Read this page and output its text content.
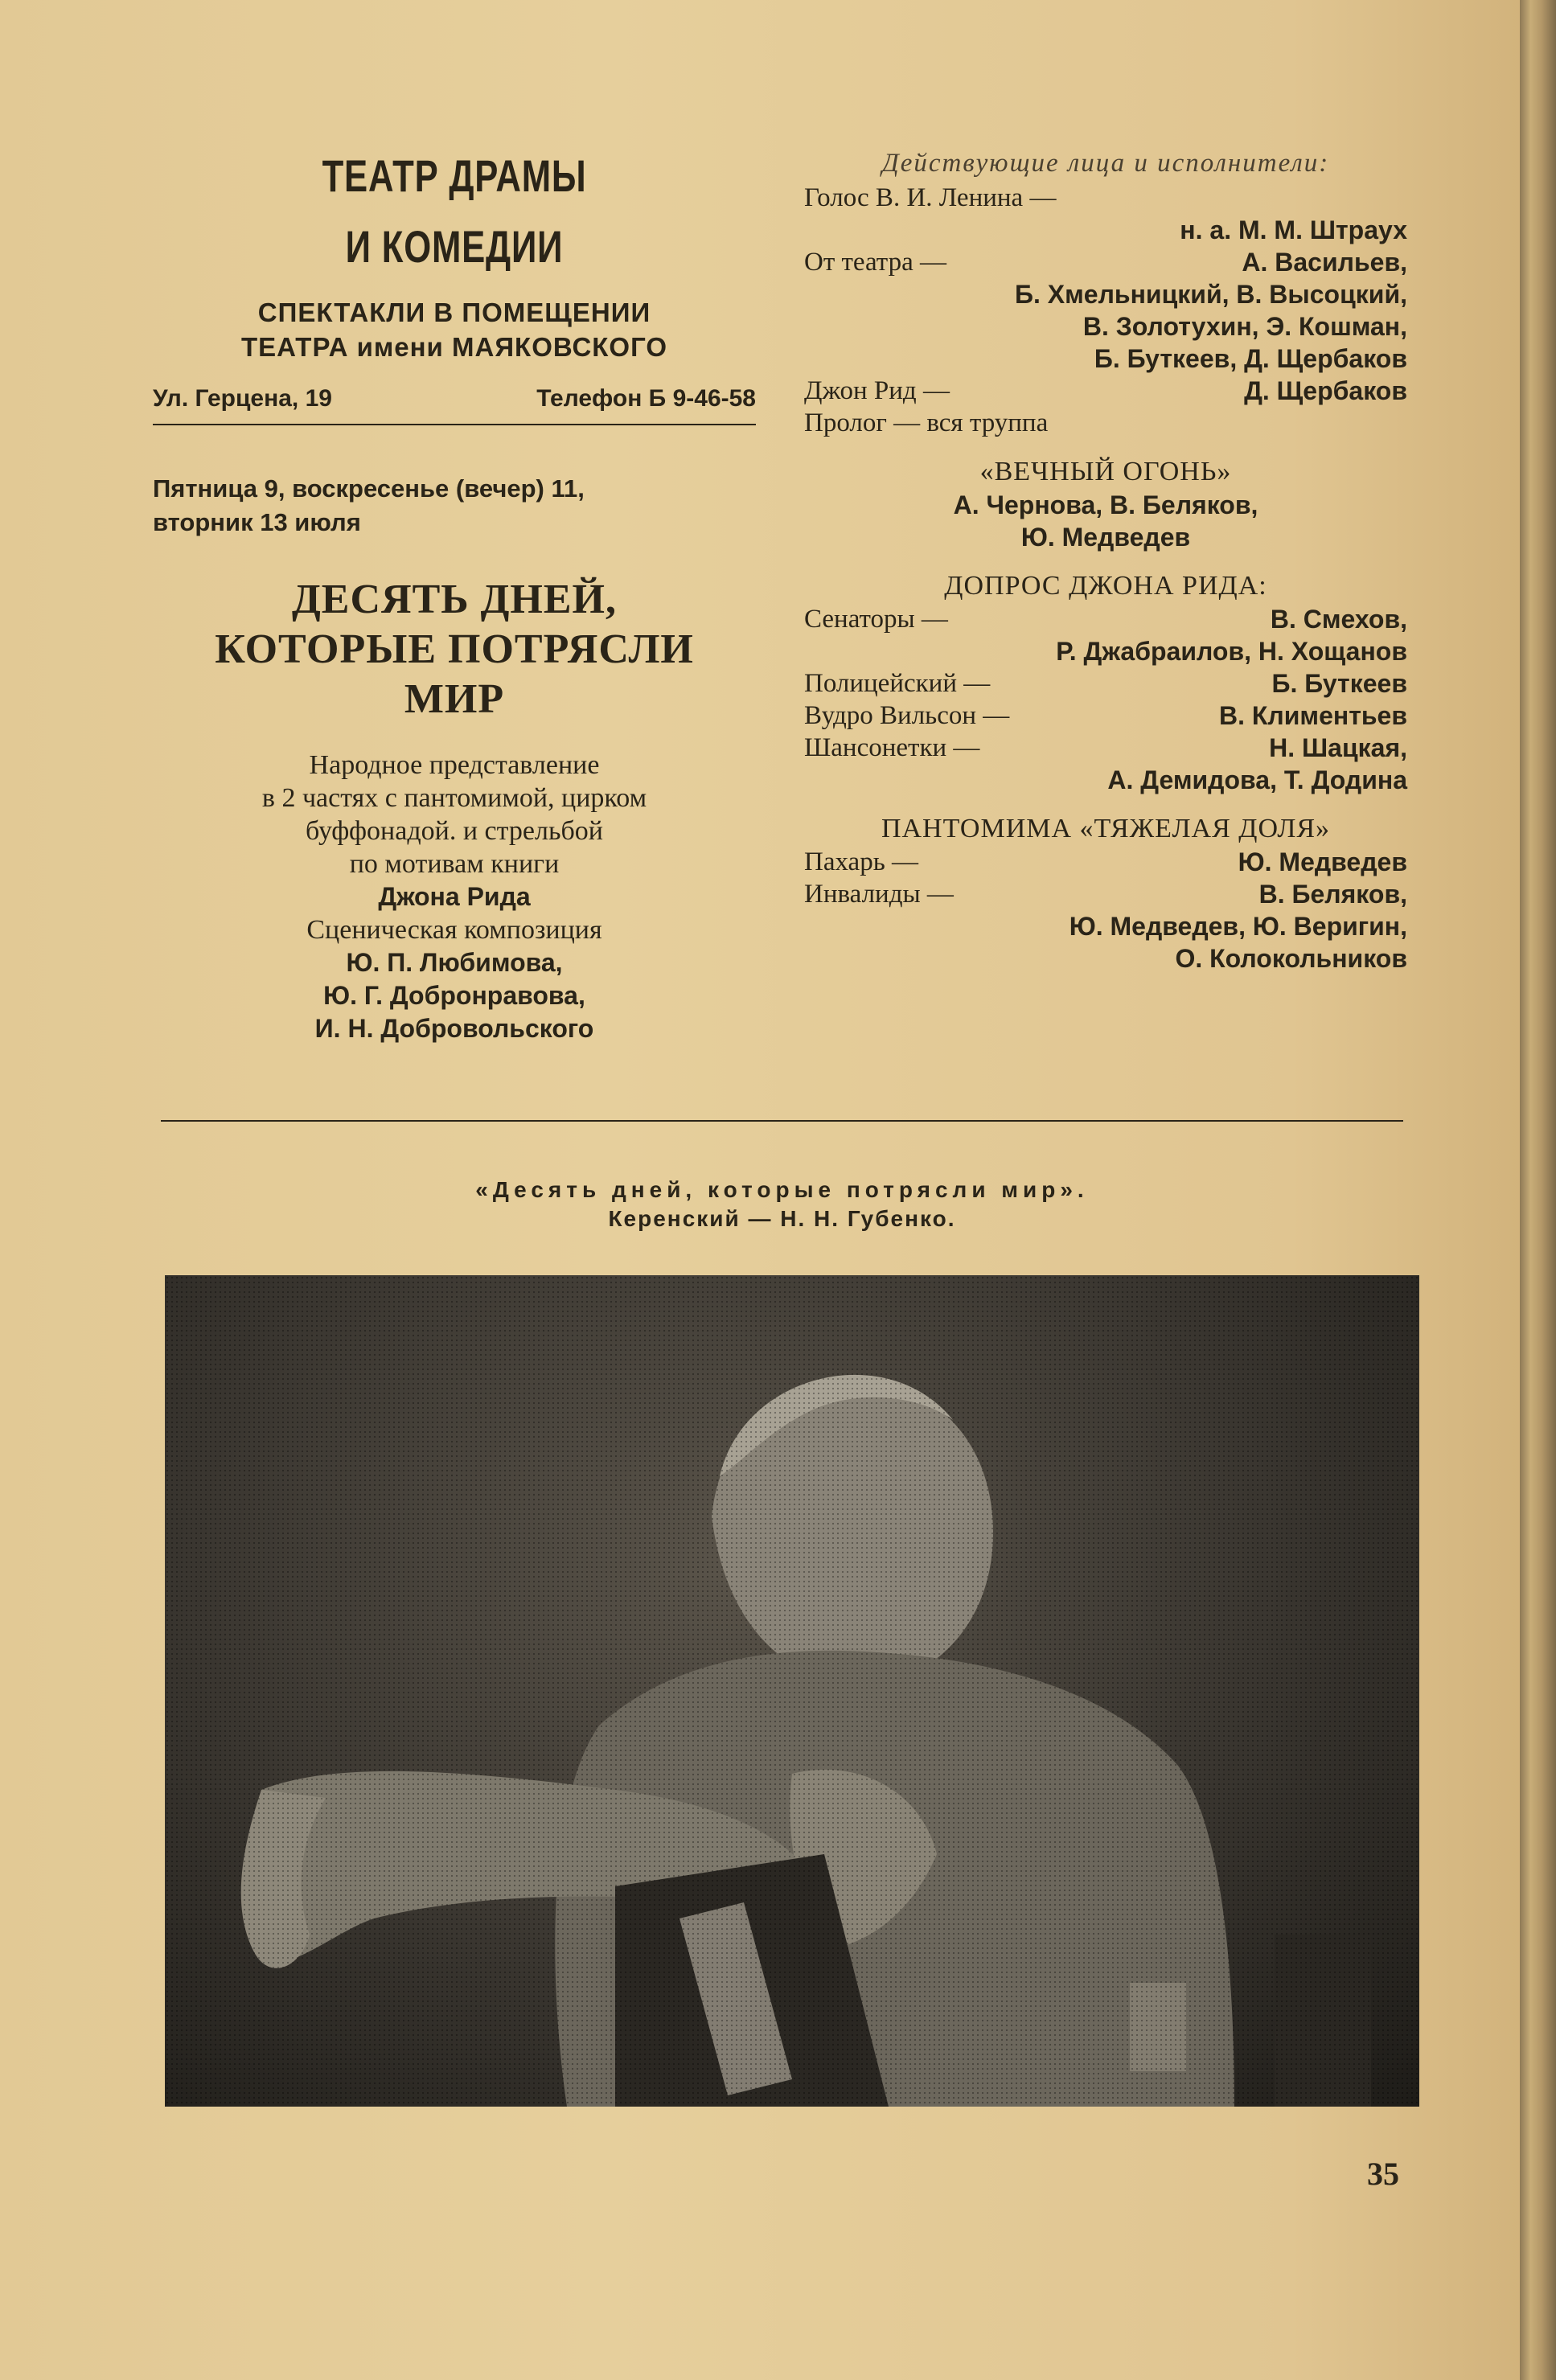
ТЕАТР ДРАМЫ
И КОМЕДИИ
СПЕКТАКЛИ В ПОМЕЩЕНИИ
ТЕАТРА имени МАЯКОВСКОГО
Ул. Герцена, 19	Телефон Б 9-46-58
Пятница 9, воскресенье (вечер) 11,
вторник 13 июля
ДЕСЯТЬ ДНЕЙ,
КОТОРЫЕ ПОТРЯСЛИ
МИР
Народное представление
в 2 частях с пантомимой, цирком
буффонадой. и стрельбой
по мотивам книги
Джона Рида
Сценическая композиция
Ю. П. Любимова,
Ю. Г. Добронравова,
И. Н. Добровольского
Действующие лица и исполнители:
Голос В. И. Ленина —
н. а. М. М. Штраух
От театра —	А. Васильев,
Б. Хмельницкий, В. Высоцкий,
В. Золотухин, Э. Кошман,
Б. Буткеев, Д. Щербаков
Джон Рид —	Д. Щербаков
Пролог — вся труппа
«ВЕЧНЫЙ ОГОНЬ»
А. Чернова, В. Беляков,
Ю. Медведев
ДОПРОС ДЖОНА РИДА:
Сенаторы —	В. Смехов,
Р. Джабраилов, Н. Хощанов
Полицейский —	Б. Буткеев
Вудро Вильсон —	В. Климентьев
Шансонетки —	Н. Шацкая,
А. Демидова, Т. Додина
ПАНТОМИМА «ТЯЖЕЛАЯ ДОЛЯ»
Пахарь —	Ю. Медведев
Инвалиды —	В. Беляков,
Ю. Медведев, Ю. Веригин,
О. Колокольников
«Десять дней, которые потрясли мир».
Керенский — Н. Н. Губенко.
35
